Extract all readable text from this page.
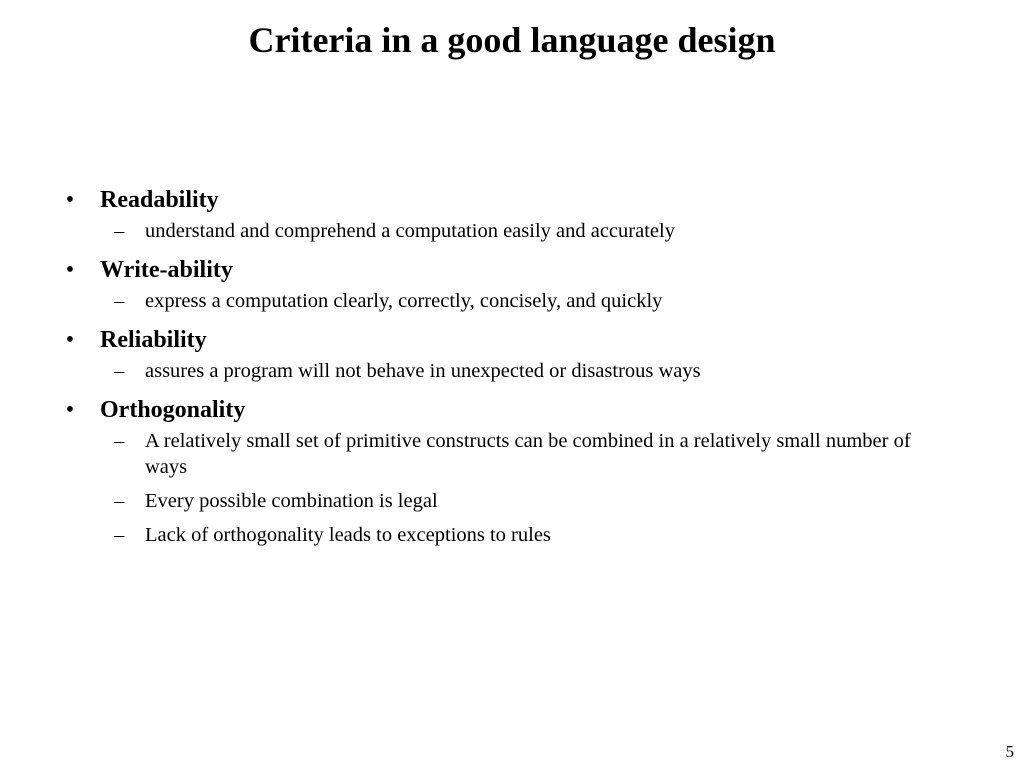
Criteria in a good language design
• Readability
– understand and comprehend a computation easily and accurately
• Write-ability
– express a computation clearly, correctly, concisely, and quickly
• Reliability
– assures a program will not behave in unexpected or disastrous ways
• Orthogonality
– A relatively small set of primitive constructs can be combined in a relatively small number of ways
– Every possible combination is legal
– Lack of orthogonality leads to exceptions to rules
5
